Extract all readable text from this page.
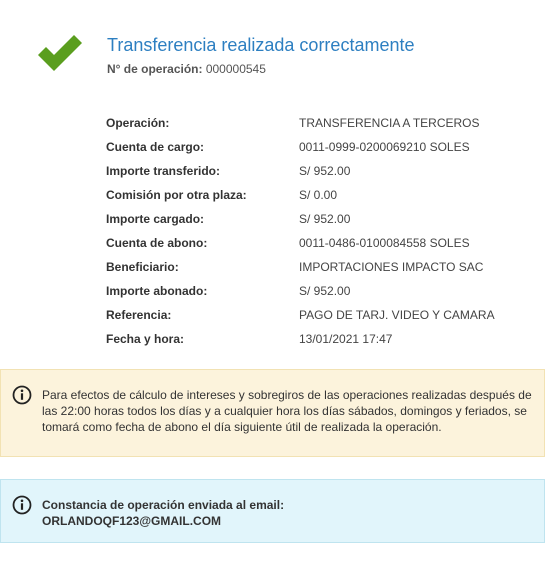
Transferencia realizada correctamente
N° de operación: 000000545
Operación:	TRANSFERENCIA A TERCEROS
Cuenta de cargo:	0011-0999-0200069210 SOLES
Importe transferido:	S/ 952.00
Comisión por otra plaza:	S/ 0.00
Importe cargado:	S/ 952.00
Cuenta de abono:	0011-0486-0100084558 SOLES
Beneficiario:	IMPORTACIONES IMPACTO SAC
Importe abonado:	S/ 952.00
Referencia:	PAGO DE TARJ. VIDEO Y CAMARA
Fecha y hora:	13/01/2021 17:47
Para efectos de cálculo de intereses y sobregiros de las operaciones realizadas después de las 22:00 horas todos los días y a cualquier hora los días sábados, domingos y feriados, se tomará como fecha de abono el día siguiente útil de realizada la operación.
Constancia de operación enviada al email:
ORLANDOQF123@GMAIL.COM
